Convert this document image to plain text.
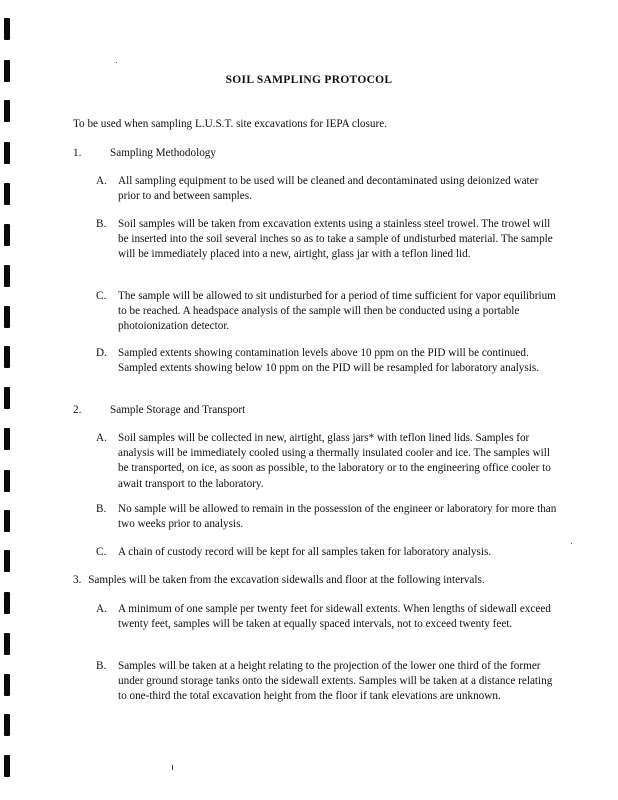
SOIL SAMPLING PROTOCOL
To be used when sampling L.U.S.T. site excavations for IEPA closure.
1.	Sampling Methodology
A. All sampling equipment to be used will be cleaned and decontaminated using deionized water prior to and between samples.
B. Soil samples will be taken from excavation extents using a stainless steel trowel. The trowel will be inserted into the soil several inches so as to take a sample of undisturbed material. The sample will be immediately placed into a new, airtight, glass jar with a teflon lined lid.
C. The sample will be allowed to sit undisturbed for a period of time sufficient for vapor equilibrium to be reached. A headspace analysis of the sample will then be conducted using a portable photoionization detector.
D. Sampled extents showing contamination levels above 10 ppm on the PID will be continued. Sampled extents showing below 10 ppm on the PID will be resampled for laboratory analysis.
2.	Sample Storage and Transport
A. Soil samples will be collected in new, airtight, glass jars* with teflon lined lids. Samples for analysis will be immediately cooled using a thermally insulated cooler and ice. The samples will be transported, on ice, as soon as possible, to the laboratory or to the engineering office cooler to await transport to the laboratory.
B. No sample will be allowed to remain in the possession of the engineer or laboratory for more than two weeks prior to analysis.
C. A chain of custody record will be kept for all samples taken for laboratory analysis.
3. Samples will be taken from the excavation sidewalls and floor at the following intervals.
A. A minimum of one sample per twenty feet for sidewall extents. When lengths of sidewall exceed twenty feet, samples will be taken at equally spaced intervals, not to exceed twenty feet.
B. Samples will be taken at a height relating to the projection of the lower one third of the former under ground storage tanks onto the sidewall extents. Samples will be taken at a distance relating to one-third the total excavation height from the floor if tank elevations are unknown.
